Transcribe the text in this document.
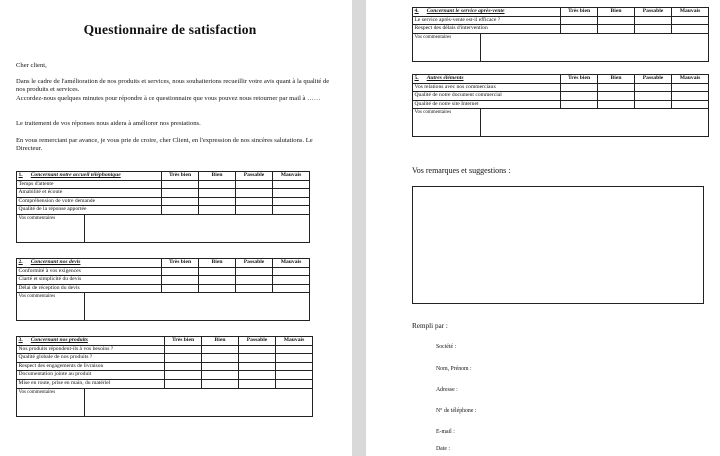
Questionnaire de satisfaction
Cher client,
Dans le cadre de l'amélioration de nos produits et services, nous souhaiterions recueillir votre avis quant à la qualité de nos produits et services.
Accordez-nous quelques minutes pour répondre à ce questionnaire que vous pouvez nous retourner par mail à ……
Le traitement de vos réponses nous aidera à améliorer nos prestations.
En vous remerciant par avance, je vous prie de croire, cher Client, en l'expression de nos sincères salutations. Le Directeur.
1. Concernant notre accueil téléphonique	Très bien	Bien	Passable	Mauvais
Temps d'attente				
Amabilité et écoute				
Compréhension de votre demande				
Qualité de la réponse apportée				

Vos commentaires				
2. Concernant nos devis	Très bien	Bien	Passable	Mauvais
Conformité à vos exigences				
Clarté et simplicité du devis				
Délai de réception du devis				

Vos commentaires				
3. Concernant nos produits	Très bien	Bien	Passable	Mauvais
Nos produits répondent-ils à vos besoins ?				
Qualité globale de nos produits ?				
Respect des engagements de livraison				
Documentation jointe au produit				
Mise en route, prise en main, du matériel				

Vos commentaires				
Vos remarques et suggestions :
Rempli par :
4. Concernant le service après-vente	Très bien	Bien	Passable	Mauvais
Le service après-vente est-il efficace ?				
Respect des délais d'intervention				

Vos commentaires				
5. Autres éléments	Très bien	Bien	Passable	Mauvais
Vos relations avec nos commerciaux				
Qualité de notre document commercial				
Qualité de notre site Internet				

Vos commentaires				
Société :
Nom, Prénom :
Adresse :
N° de téléphone :
E-mail :
Date :
